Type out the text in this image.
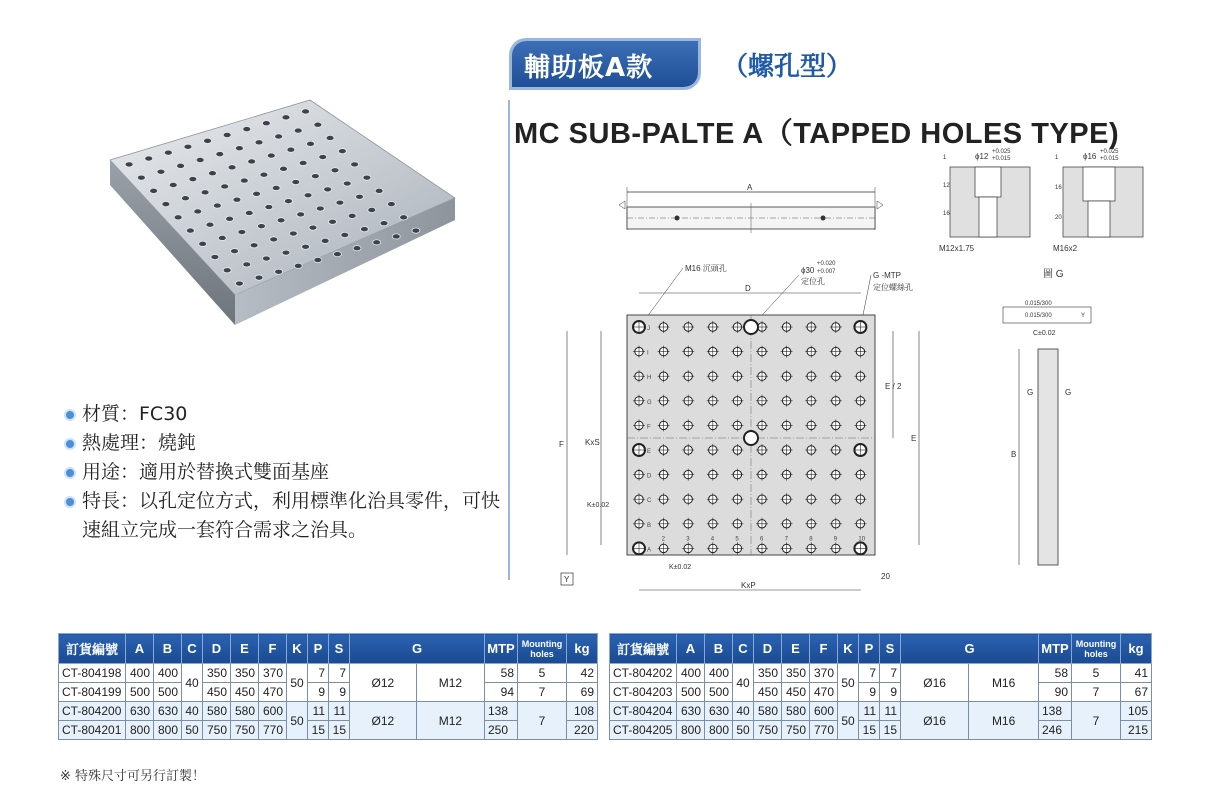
輔助板A款	（螺孔型）
MC SUB-PALTE A（TAPPED HOLES TYPE)
材質：FC30
熱處理：燒鈍
用途：適用於替換式雙面基座
特長：以孔定位方式，利用標準化治具零件，可快速組立完成一套符合需求之治具。
A
ϕ12 +0.025
+0.015
1
12
16
M12x1.75
ϕ16 +0.025
+0.015
1
16
20
M16x2
M16 沉頭孔	ϕ30
+0.020
+0.007
定位孔
G -MTP
定位螺絲孔
圖 G
D
J
I
H
G
F
E
D
C
B
A
2	3	4	5	6	7	8	9	10
F	KxS
K±0.02
K±0.02
Y
E / 2
E
20
KxP
0.015/300
0.015/300	Y
C±0.02
B
G	G
訂貨編號	A	B	C	D	E	F	K	P	S	G		MTP	Mounting holes	kg
CT-804198	400	400	40	350	350	370	50	7	7	Ø12	M12	58	5	42
CT-804199	500	500		450	450	470		9	9			94	7	69
CT-804200	630	630	40	580	580	600	50	11	11	Ø12	M12	138	7	108
CT-804201	800	800	50	750	750	770		15	15			250		220
訂貨編號	A	B	C	D	E	F	K	P	S	G		MTP	Mounting holes	kg
CT-804202	400	400	40	350	350	370	50	7	7	Ø16	M16	58	5	41
CT-804203	500	500		450	450	470		9	9			90	7	67
CT-804204	630	630	40	580	580	600	50	11	11	Ø16	M16	138	7	105
CT-804205	800	800	50	750	750	770		15	15			246		215
※ 特殊尺寸可另行訂製！
